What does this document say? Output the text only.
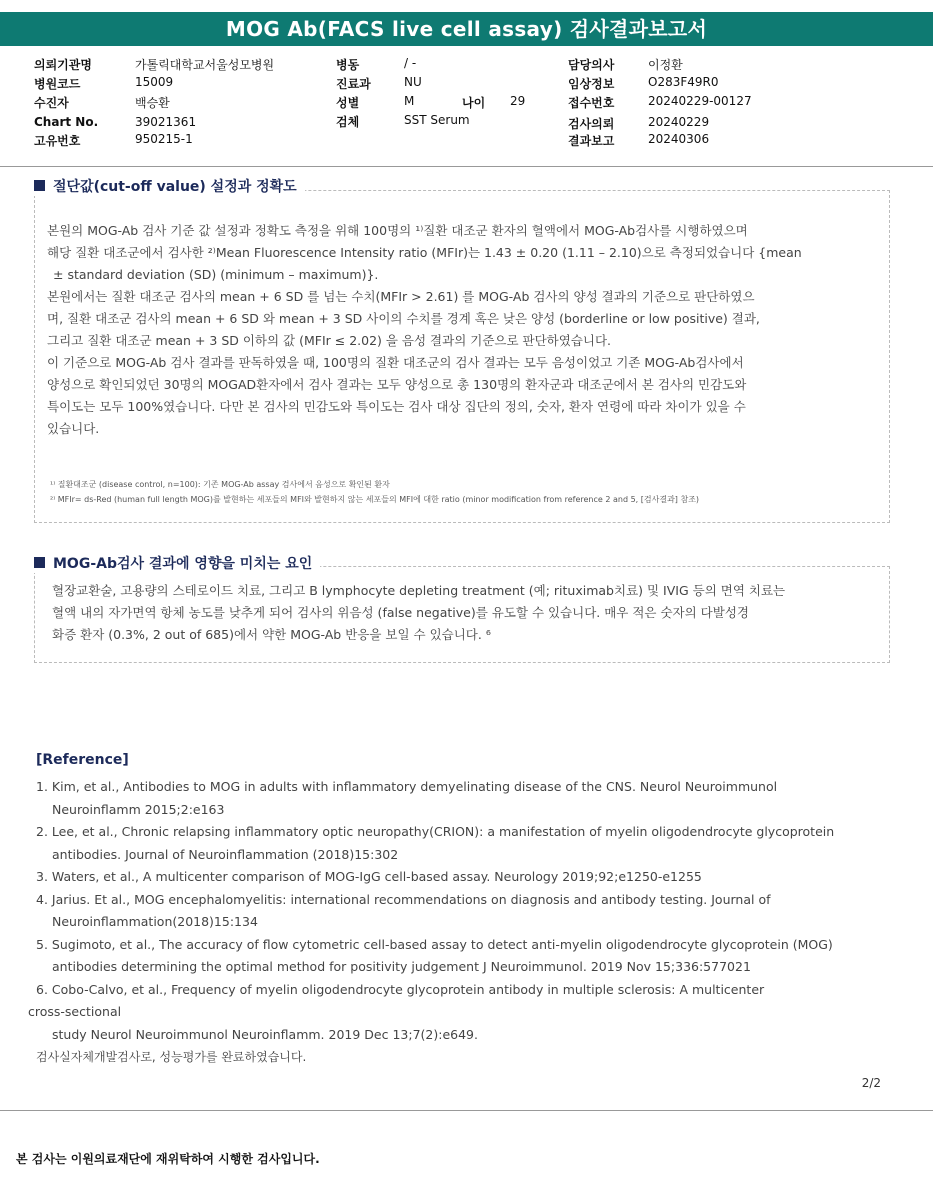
MOG Ab(FACS live cell assay) 검사결과보고서
의뢰기관명	가톨릭대학교서울성모병원
병원코드	15009
수진자	백승환
Chart No.	39021361
고유번호	950215-1
병동	/ -
진료과	NU
성별	M	나이 29
검체	SST Serum
담당의사	이정환
임상정보	O283F49R0
접수번호	20240229-00127
검사의뢰	20240229
결과보고	20240306
절단값(cut-off value) 설정과 정확도
본원의 MOG-Ab 검사 기준 값 설정과 정확도 측정을 위해 100명의 ¹⁾질환 대조군 환자의 혈액에서 MOG-Ab검사를 시행하였으며
해당 질환 대조군에서 검사한 ²⁾Mean Fluorescence Intensity ratio (MFIr)는 1.43 ± 0.20 (1.11 – 2.10)으로 측정되었습니다 {mean
± standard deviation (SD) (minimum – maximum)}.
본원에서는 질환 대조군 검사의 mean + 6 SD 를 넘는 수치(MFIr > 2.61) 를 MOG-Ab 검사의 양성 결과의 기준으로 판단하였으
며, 질환 대조군 검사의 mean + 6 SD 와 mean + 3 SD 사이의 수치를 경계 혹은 낮은 양성 (borderline or low positive) 결과,
그리고 질환 대조군 mean + 3 SD 이하의 값 (MFIr ≤ 2.02) 을 음성 결과의 기준으로 판단하였습니다.
이 기준으로 MOG-Ab 검사 결과를 판독하였을 때, 100명의 질환 대조군의 검사 결과는 모두 음성이었고 기존 MOG-Ab검사에서
양성으로 확인되었던 30명의 MOGAD환자에서 검사 결과는 모두 양성으로 총 130명의 환자군과 대조군에서 본 검사의 민감도와
특이도는 모두 100%였습니다. 다만 본 검사의 민감도와 특이도는 검사 대상 집단의 정의, 숫자, 환자 연령에 따라 차이가 있을 수
있습니다.
¹⁾ 질환대조군 (disease control, n=100): 기존 MOG-Ab assay 검사에서 음성으로 확인된 환자
²⁾ MFIr= ds-Red (human full length MOG)를 발현하는 세포들의 MFI와 발현하지 않는 세포들의 MFI에 대한 ratio (minor modification from reference 2 and 5, [검사결과] 참조)
MOG-Ab검사 결과에 영향을 미치는 요인
혈장교환술, 고용량의 스테로이드 치료, 그리고 B lymphocyte depleting treatment (예; rituximab치료) 및 IVIG 등의 면역 치료는
혈액 내의 자가면역 항체 농도를 낮추게 되어 검사의 위음성 (false negative)를 유도할 수 있습니다. 매우 적은 숫자의 다발성경
화증 환자 (0.3%, 2 out of 685)에서 약한 MOG-Ab 반응을 보일 수 있습니다. ⁶
[Reference]
1. Kim, et al., Antibodies to MOG in adults with inflammatory demyelinating disease of the CNS. Neurol Neuroimmunol
Neuroinflamm 2015;2:e163
2. Lee, et al., Chronic relapsing inflammatory optic neuropathy(CRION): a manifestation of myelin oligodendrocyte glycoprotein
antibodies. Journal of Neuroinflammation (2018)15:302
3. Waters, et al., A multicenter comparison of MOG-IgG cell-based assay. Neurology 2019;92;e1250-e1255
4. Jarius. Et al., MOG encephalomyelitis: international recommendations on diagnosis and antibody testing. Journal of
Neuroinflammation(2018)15:134
5. Sugimoto, et al., The accuracy of flow cytometric cell-based assay to detect anti-myelin oligodendrocyte glycoprotein (MOG)
antibodies determining the optimal method for positivity judgement J Neuroimmunol. 2019 Nov 15;336:577021
6. Cobo-Calvo, et al., Frequency of myelin oligodendrocyte glycoprotein antibody in multiple sclerosis: A multicenter
cross-sectional
study Neurol Neuroimmunol Neuroinflamm. 2019 Dec 13;7(2):e649.
검사실자체개발검사로, 성능평가를 완료하였습니다.
2/2
본 검사는 이원의료재단에 재위탁하여 시행한 검사입니다.
